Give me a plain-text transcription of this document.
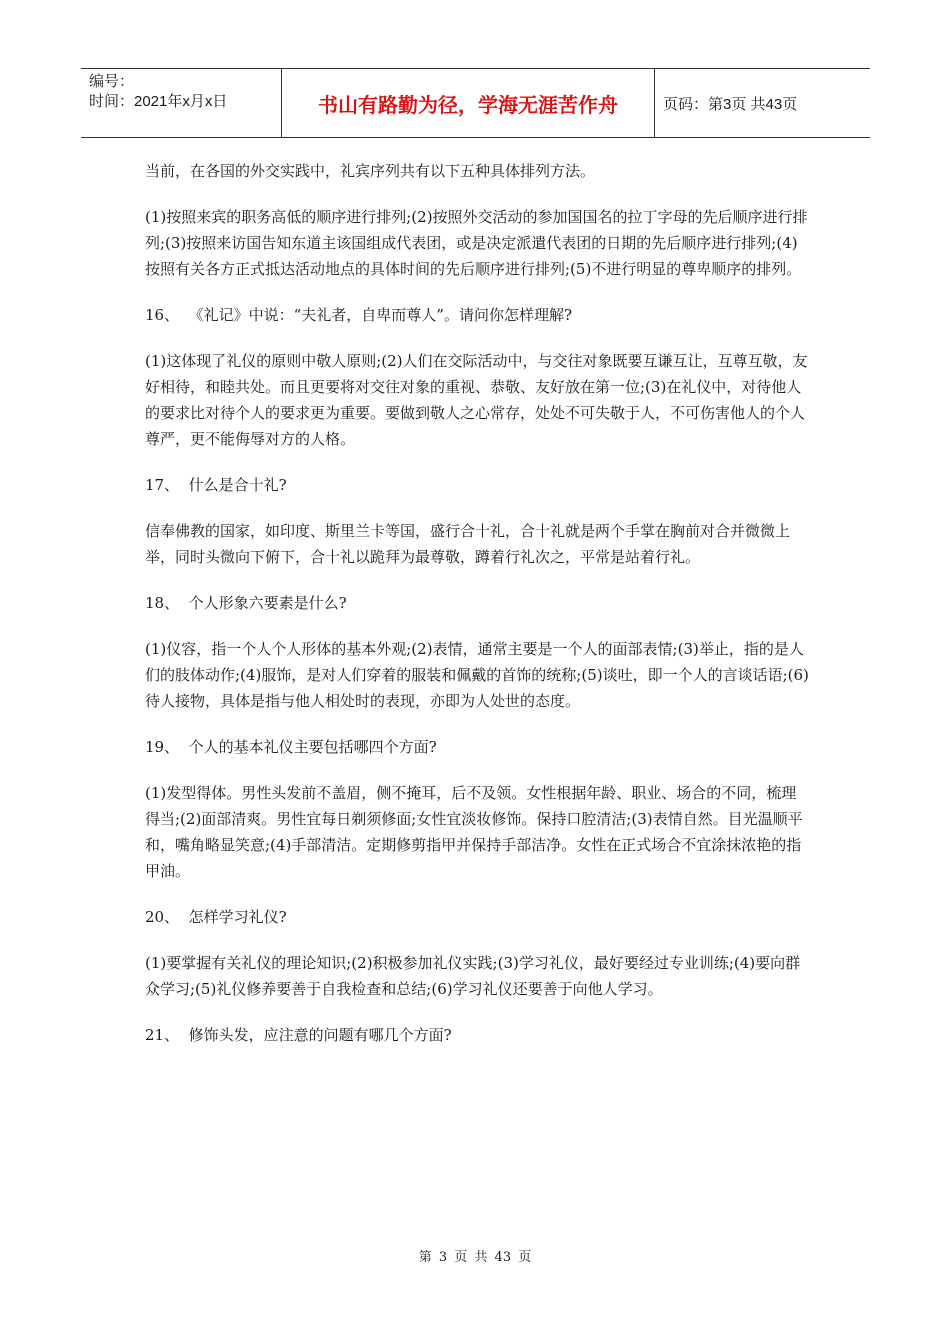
编号：
时间：2021年x月x日	书山有路勤为径，学海无涯苦作舟	页码：第3页 共43页

当前，在各国的外交实践中，礼宾序列共有以下五种具体排列方法。

(1)按照来宾的职务高低的顺序进行排列;(2)按照外交活动的参加国国名的拉丁字母的先后顺序进行排列;(3)按照来访国告知东道主该国组成代表团，或是决定派遣代表团的日期的先后顺序进行排列;(4)按照有关各方正式抵达活动地点的具体时间的先后顺序进行排列;(5)不进行明显的尊卑顺序的排列。

16、  《礼记》中说：“夫礼者，自卑而尊人”。请问你怎样理解?

(1)这体现了礼仪的原则中敬人原则;(2)人们在交际活动中，与交往对象既要互谦互让，互尊互敬，友好相待，和睦共处。而且更要将对交往对象的重视、恭敬、友好放在第一位;(3)在礼仪中，对待他人的要求比对待个人的要求更为重要。要做到敬人之心常存，处处不可失敬于人，不可伤害他人的个人尊严，更不能侮辱对方的人格。

17、  什么是合十礼?

信奉佛教的国家，如印度、斯里兰卡等国，盛行合十礼，合十礼就是两个手掌在胸前对合并微微上举，同时头微向下俯下，合十礼以跪拜为最尊敬，蹲着行礼次之，平常是站着行礼。

18、  个人形象六要素是什么?

(1)仪容，指一个人个人形体的基本外观;(2)表情，通常主要是一个人的面部表情;(3)举止，指的是人们的肢体动作;(4)服饰，是对人们穿着的服装和佩戴的首饰的统称;(5)谈吐，即一个人的言谈话语;(6)待人接物，具体是指与他人相处时的表现，亦即为人处世的态度。

19、  个人的基本礼仪主要包括哪四个方面?

(1)发型得体。男性头发前不盖眉，侧不掩耳，后不及领。女性根据年龄、职业、场合的不同，梳理得当;(2)面部清爽。男性宜每日剃须修面;女性宜淡妆修饰。保持口腔清洁;(3)表情自然。目光温顺平和，嘴角略显笑意;(4)手部清洁。定期修剪指甲并保持手部洁净。女性在正式场合不宜涂抹浓艳的指甲油。

20、  怎样学习礼仪?

(1)要掌握有关礼仪的理论知识;(2)积极参加礼仪实践;(3)学习礼仪，最好要经过专业训练;(4)要向群众学习;(5)礼仪修养要善于自我检查和总结;(6)学习礼仪还要善于向他人学习。

21、  修饰头发，应注意的问题有哪几个方面?

第 3 页 共 43 页
